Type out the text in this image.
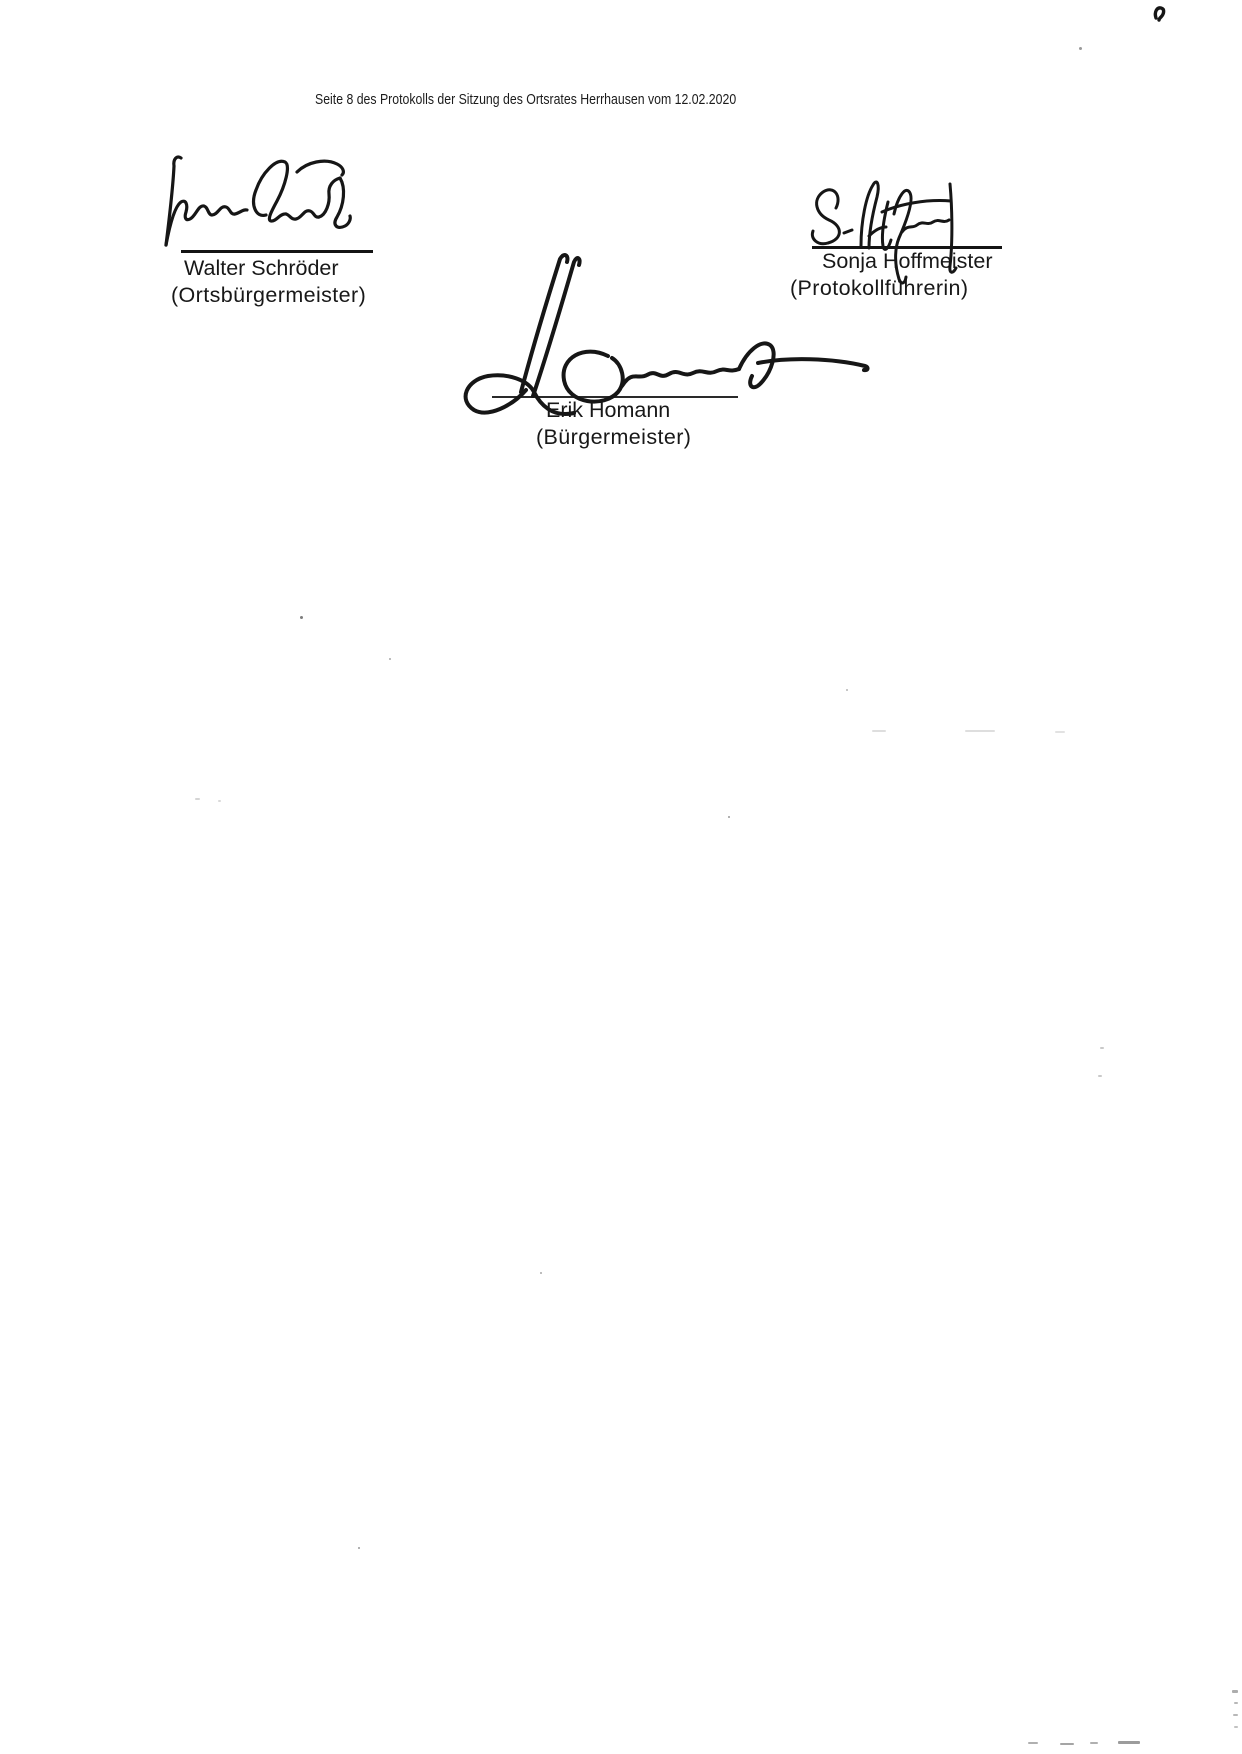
Seite 8 des Protokolls der Sitzung des Ortsrates Herrhausen vom 12.02.2020
Walter Schröder
(Ortsbürgermeister)
Sonja Hoffmeister
(Protokollführerin)
Erik Homann
(Bürgermeister)
